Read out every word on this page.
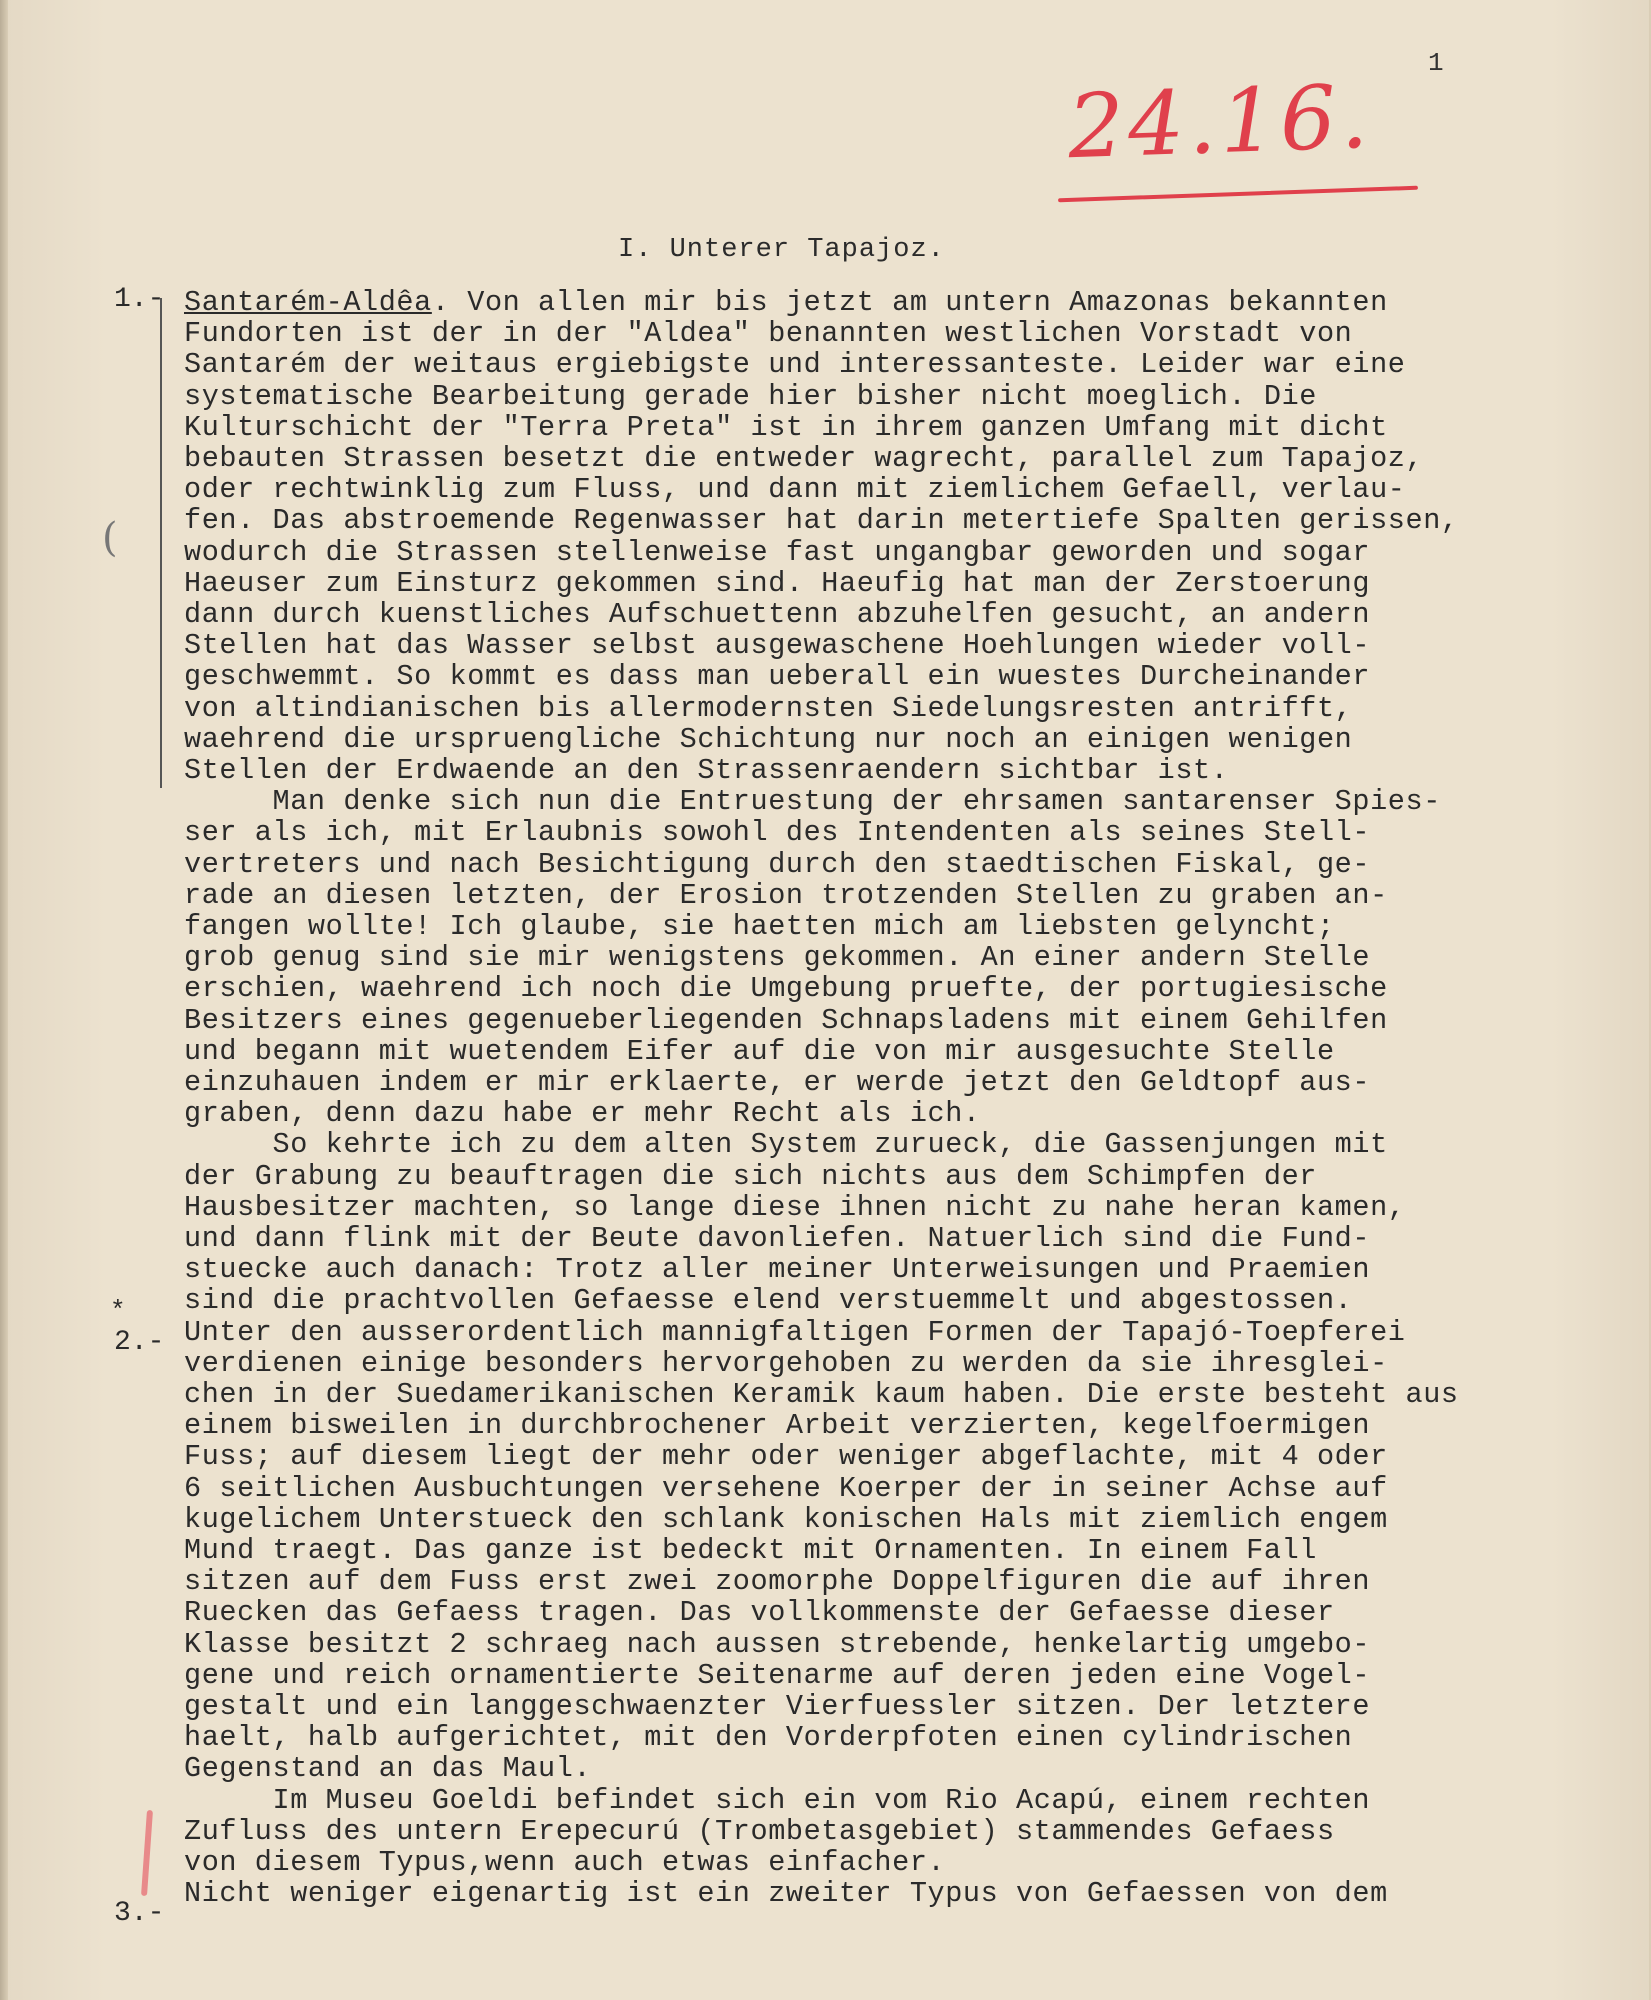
1
24.16.
I. Unterer Tapajoz.
(
*
1.-
2.-
3.-
Santarém-Aldêa. Von allen mir bis jetzt am untern Amazonas bekannten
Fundorten ist der in der "Aldea" benannten westlichen Vorstadt von
Santarém der weitaus ergiebigste und interessanteste. Leider war eine
systematische Bearbeitung gerade hier bisher nicht moeglich. Die
Kulturschicht der "Terra Preta" ist in ihrem ganzen Umfang mit dicht
bebauten Strassen besetzt die entweder wagrecht, parallel zum Tapajoz,
oder rechtwinklig zum Fluss, und dann mit ziemlichem Gefaell, verlau-
fen. Das abstroemende Regenwasser hat darin metertiefe Spalten gerissen,
wodurch die Strassen stellenweise fast ungangbar geworden und sogar
Haeuser zum Einsturz gekommen sind. Haeufig hat man der Zerstoerung
dann durch kuenstliches Aufschuettenn abzuhelfen gesucht, an andern
Stellen hat das Wasser selbst ausgewaschene Hoehlungen wieder voll-
geschwemmt. So kommt es dass man ueberall ein wuestes Durcheinander
von altindianischen bis allermodernsten Siedelungsresten antrifft,
waehrend die urspruengliche Schichtung nur noch an einigen wenigen
Stellen der Erdwaende an den Strassenraendern sichtbar ist.
Man denke sich nun die Entruestung der ehrsamen santarenser Spies-
ser als ich, mit Erlaubnis sowohl des Intendenten als seines Stell-
vertreters und nach Besichtigung durch den staedtischen Fiskal, ge-
rade an diesen letzten, der Erosion trotzenden Stellen zu graben an-
fangen wollte! Ich glaube, sie haetten mich am liebsten gelyncht;
grob genug sind sie mir wenigstens gekommen. An einer andern Stelle
erschien, waehrend ich noch die Umgebung pruefte, der portugiesische
Besitzers eines gegenueberliegenden Schnapsladens mit einem Gehilfen
und begann mit wuetendem Eifer auf die von mir ausgesuchte Stelle
einzuhauen indem er mir erklaerte, er werde jetzt den Geldtopf aus-
graben, denn dazu habe er mehr Recht als ich.
So kehrte ich zu dem alten System zurueck, die Gassenjungen mit
der Grabung zu beauftragen die sich nichts aus dem Schimpfen der
Hausbesitzer machten, so lange diese ihnen nicht zu nahe heran kamen,
und dann flink mit der Beute davonliefen. Natuerlich sind die Fund-
stuecke auch danach: Trotz aller meiner Unterweisungen und Praemien
sind die prachtvollen Gefaesse elend verstuemmelt und abgestossen.
Unter den ausserordentlich mannigfaltigen Formen der Tapajó-Toepferei
verdienen einige besonders hervorgehoben zu werden da sie ihresglei-
chen in der Suedamerikanischen Keramik kaum haben. Die erste besteht aus
einem bisweilen in durchbrochener Arbeit verzierten, kegelfoermigen
Fuss; auf diesem liegt der mehr oder weniger abgeflachte, mit 4 oder
6 seitlichen Ausbuchtungen versehene Koerper der in seiner Achse auf
kugelichem Unterstueck den schlank konischen Hals mit ziemlich engem
Mund traegt. Das ganze ist bedeckt mit Ornamenten. In einem Fall
sitzen auf dem Fuss erst zwei zoomorphe Doppelfiguren die auf ihren
Ruecken das Gefaess tragen. Das vollkommenste der Gefaesse dieser
Klasse besitzt 2 schraeg nach aussen strebende, henkelartig umgebo-
gene und reich ornamentierte Seitenarme auf deren jeden eine Vogel-
gestalt und ein langgeschwaenzter Vierfuessler sitzen. Der letztere
haelt, halb aufgerichtet, mit den Vorderpfoten einen cylindrischen
Gegenstand an das Maul.
Im Museu Goeldi befindet sich ein vom Rio Acapú, einem rechten
Zufluss des untern Erepecurú (Trombetasgebiet) stammendes Gefaess
von diesem Typus,wenn auch etwas einfacher.
Nicht weniger eigenartig ist ein zweiter Typus von Gefaessen von dem
